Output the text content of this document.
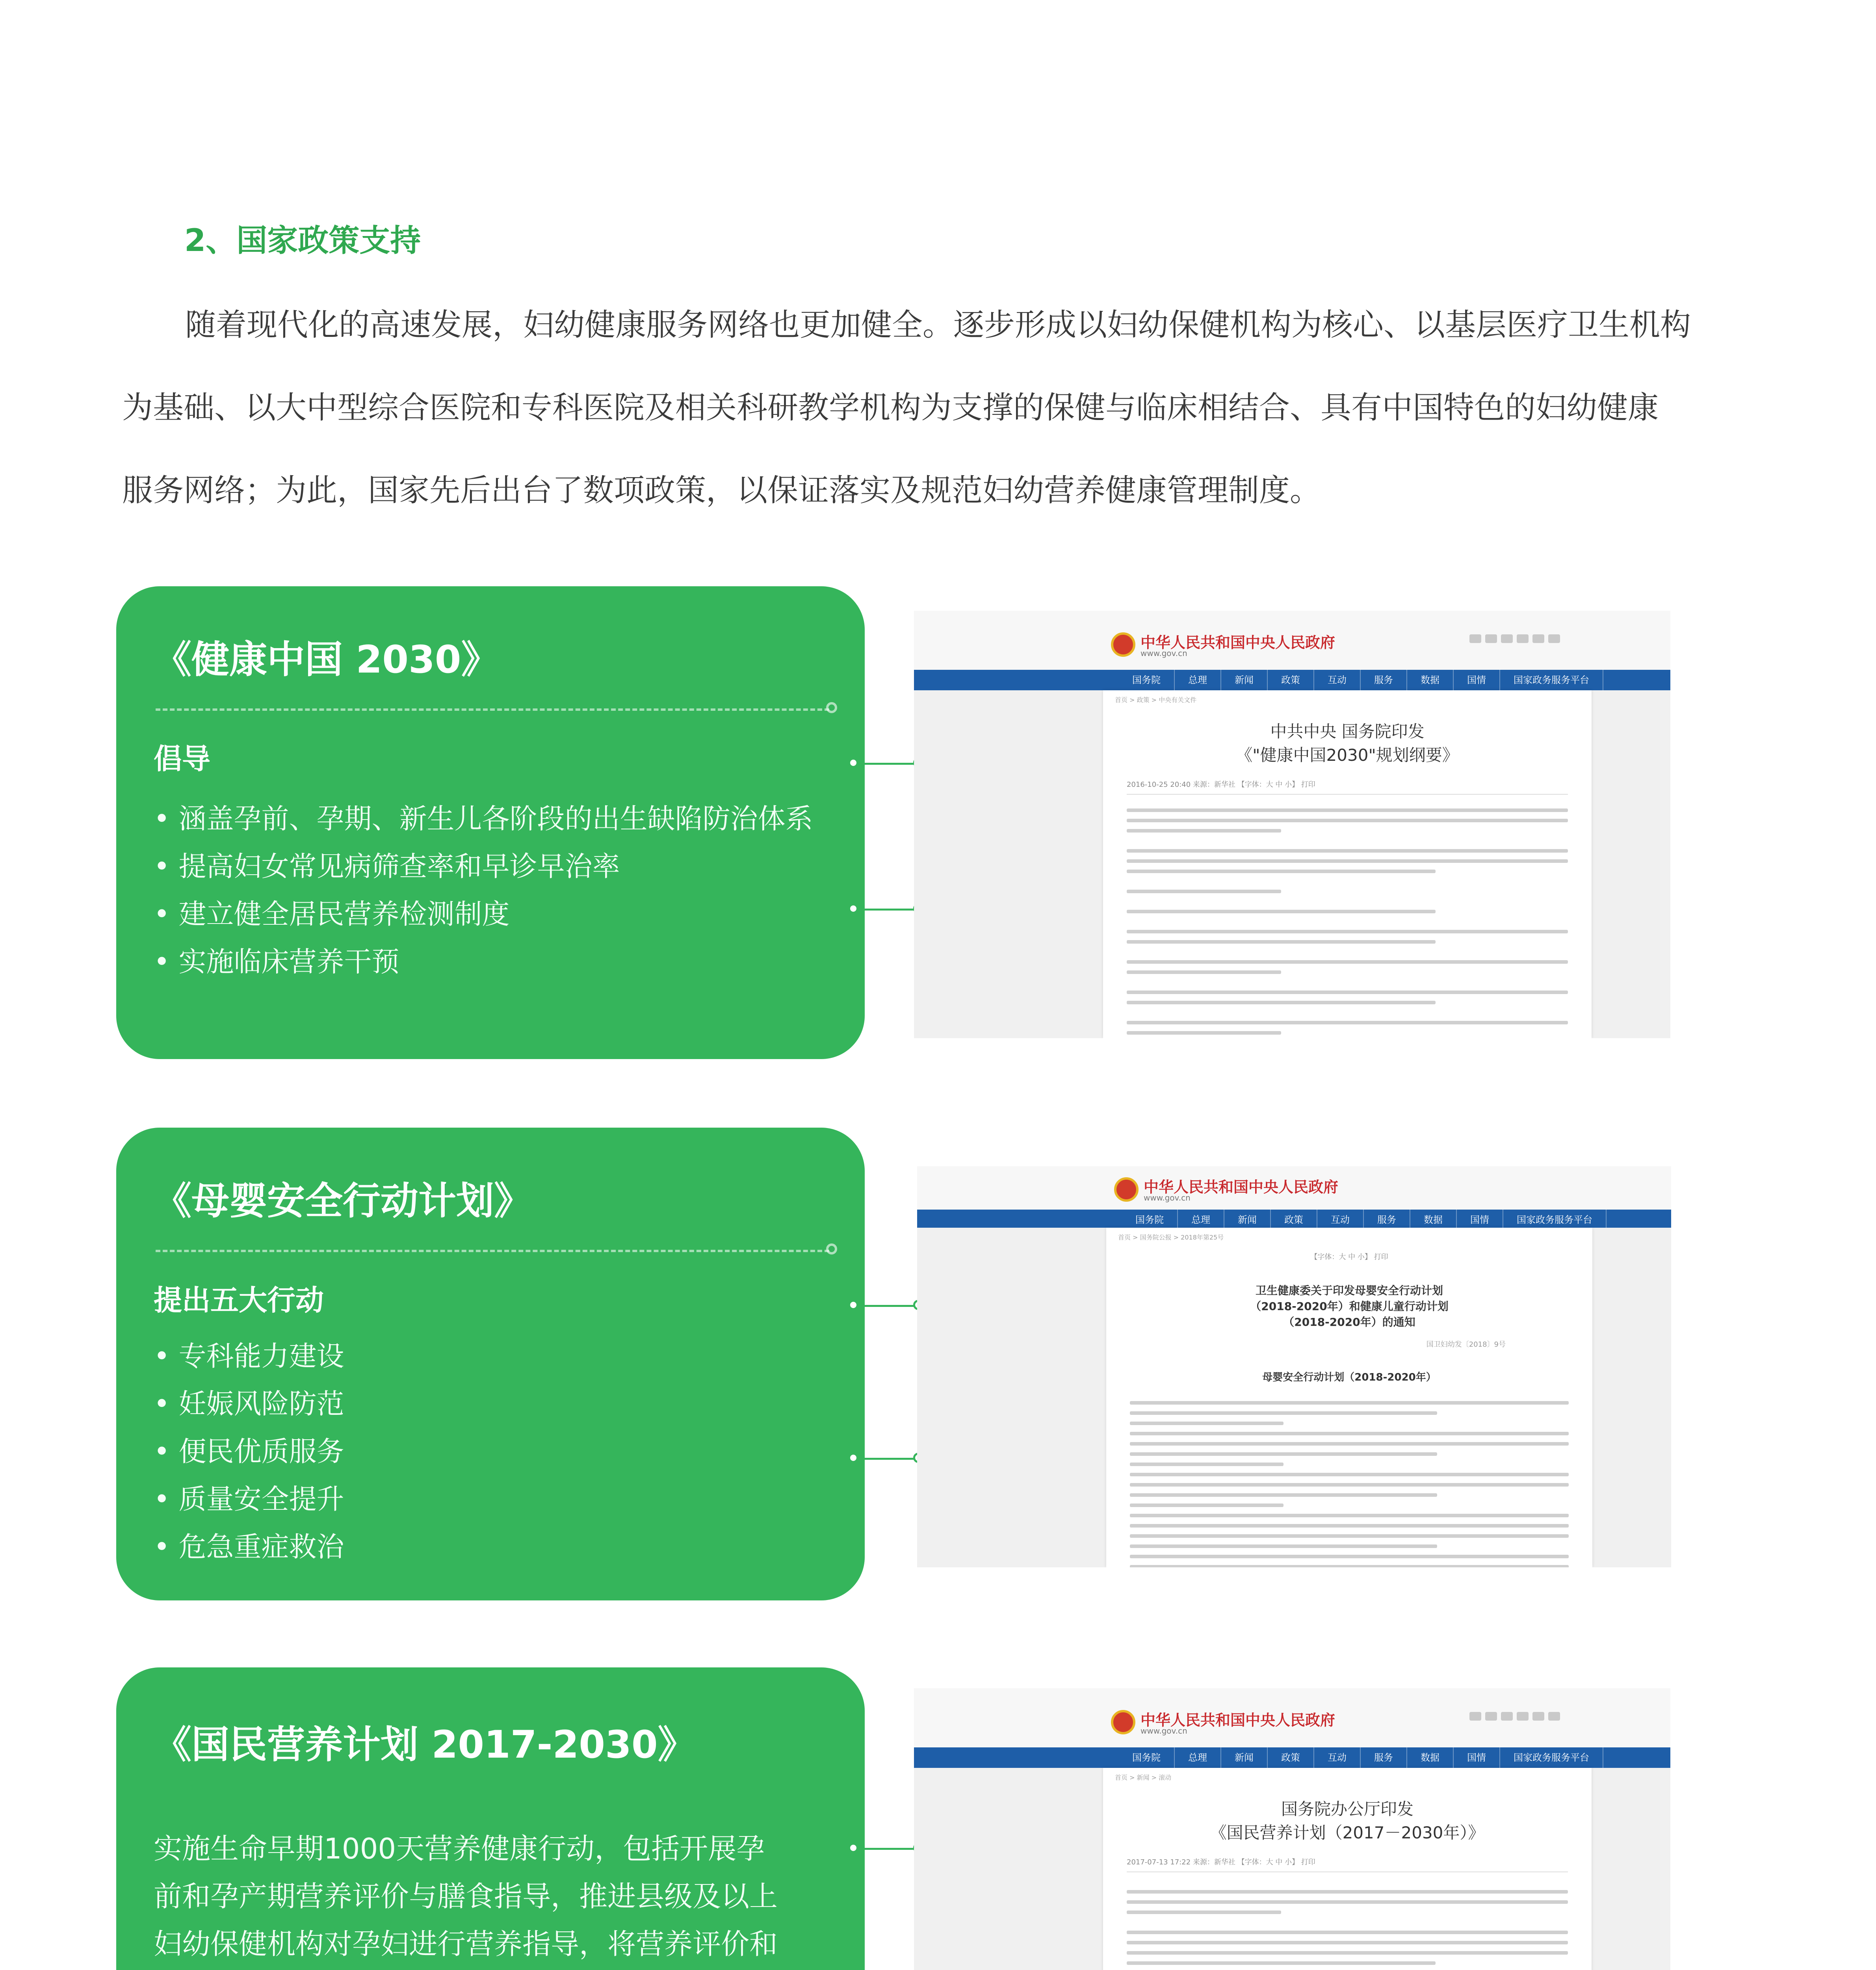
2、国家政策支持

随着现代化的高速发展，妇幼健康服务网络也更加健全。逐步形成以妇幼保健机构为核心、以基层医疗卫生机构

为基础、以大中型综合医院和专科医院及相关科研教学机构为支撑的保健与临床相结合、具有中国特色的妇幼健康

服务网络；为此，国家先后出台了数项政策，以保证落实及规范妇幼营养健康管理制度。

《健康中国 2030》
倡导
• 涵盖孕前、孕期、新生儿各阶段的出生缺陷防治体系
• 提高妇女常见病筛查率和早诊早治率
• 建立健全居民营养检测制度
• 实施临床营养干预
《母婴安全行动计划》
提出五大行动
• 专科能力建设
• 妊娠风险防范
• 便民优质服务
• 质量安全提升
• 危急重症救治
《国民营养计划 2017-2030》
实施生命早期1000天营养健康行动，包括开展孕
前和孕产期营养评价与膳食指导，推进县级及以上
妇幼保健机构对孕妇进行营养指导，将营养评价和
中华人民共和国中央人民政府
www.gov.cn
国务院	总理	新闻	政策	互动	服务	数据	国情	国家政务服务平台
首页 > 政策 > 中央有关文件
中共中央 国务院印发
《"健康中国2030"规划纲要》
2016-10-25 20:40 来源：新华社 【字体：大 中 小】 打印
中华人民共和国中央人民政府
www.gov.cn
国务院	总理	新闻	政策	互动	服务	数据	国情	国家政务服务平台
首页 > 国务院公报 > 2018年第25号
【字体：大 中 小】 打印
卫生健康委关于印发母婴安全行动计划
（2018-2020年）和健康儿童行动计划
（2018-2020年）的通知
国卫妇幼发〔2018〕9号
母婴安全行动计划（2018-2020年）
中华人民共和国中央人民政府
www.gov.cn
国务院	总理	新闻	政策	互动	服务	数据	国情	国家政务服务平台
首页 > 新闻 > 滚动
国务院办公厅印发
《国民营养计划（2017－2030年）》
2017-07-13 17:22 来源：新华社 【字体：大 中 小】 打印
